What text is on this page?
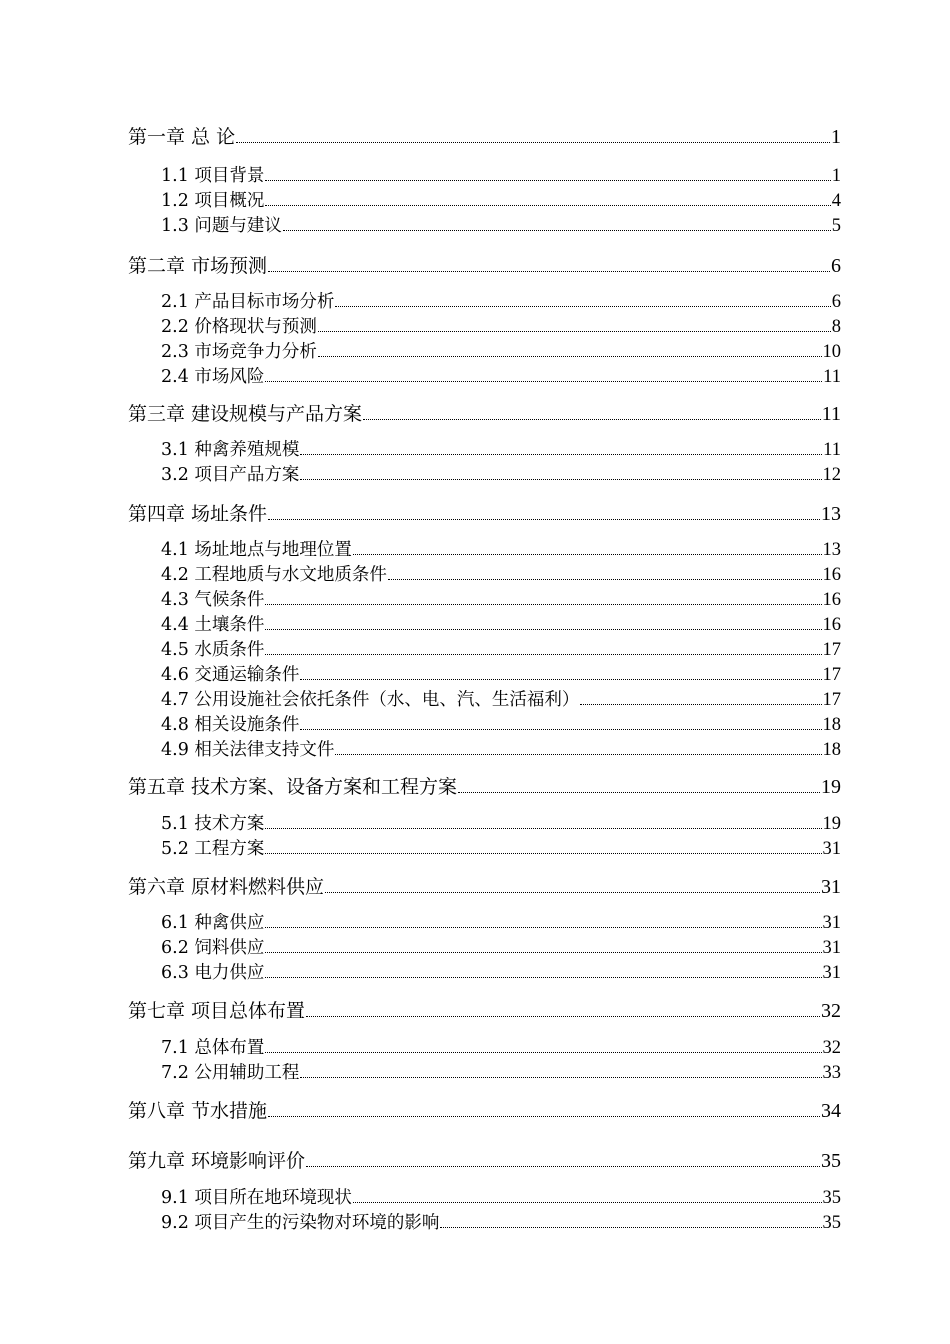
第一章 总 论	1
1.1 项目背景	1
1.2 项目概况	4
1.3 问题与建议	5
第二章 市场预测	6
2.1 产品目标市场分析	6
2.2 价格现状与预测	8
2.3 市场竞争力分析	10
2.4 市场风险	11
第三章 建设规模与产品方案	11
3.1 种禽养殖规模	11
3.2 项目产品方案	12
第四章 场址条件	13
4.1 场址地点与地理位置	13
4.2 工程地质与水文地质条件	16
4.3 气候条件	16
4.4 土壤条件	16
4.5 水质条件	17
4.6 交通运输条件	17
4.7 公用设施社会依托条件（水、电、汽、生活福利）	17
4.8 相关设施条件	18
4.9 相关法律支持文件	18
第五章 技术方案、设备方案和工程方案	19
5.1 技术方案	19
5.2 工程方案	31
第六章 原材料燃料供应	31
6.1 种禽供应	31
6.2 饲料供应	31
6.3 电力供应	31
第七章 项目总体布置	32
7.1 总体布置	32
7.2 公用辅助工程	33
第八章 节水措施	34
第九章 环境影响评价	35
9.1 项目所在地环境现状	35
9.2 项目产生的污染物对环境的影响	35
